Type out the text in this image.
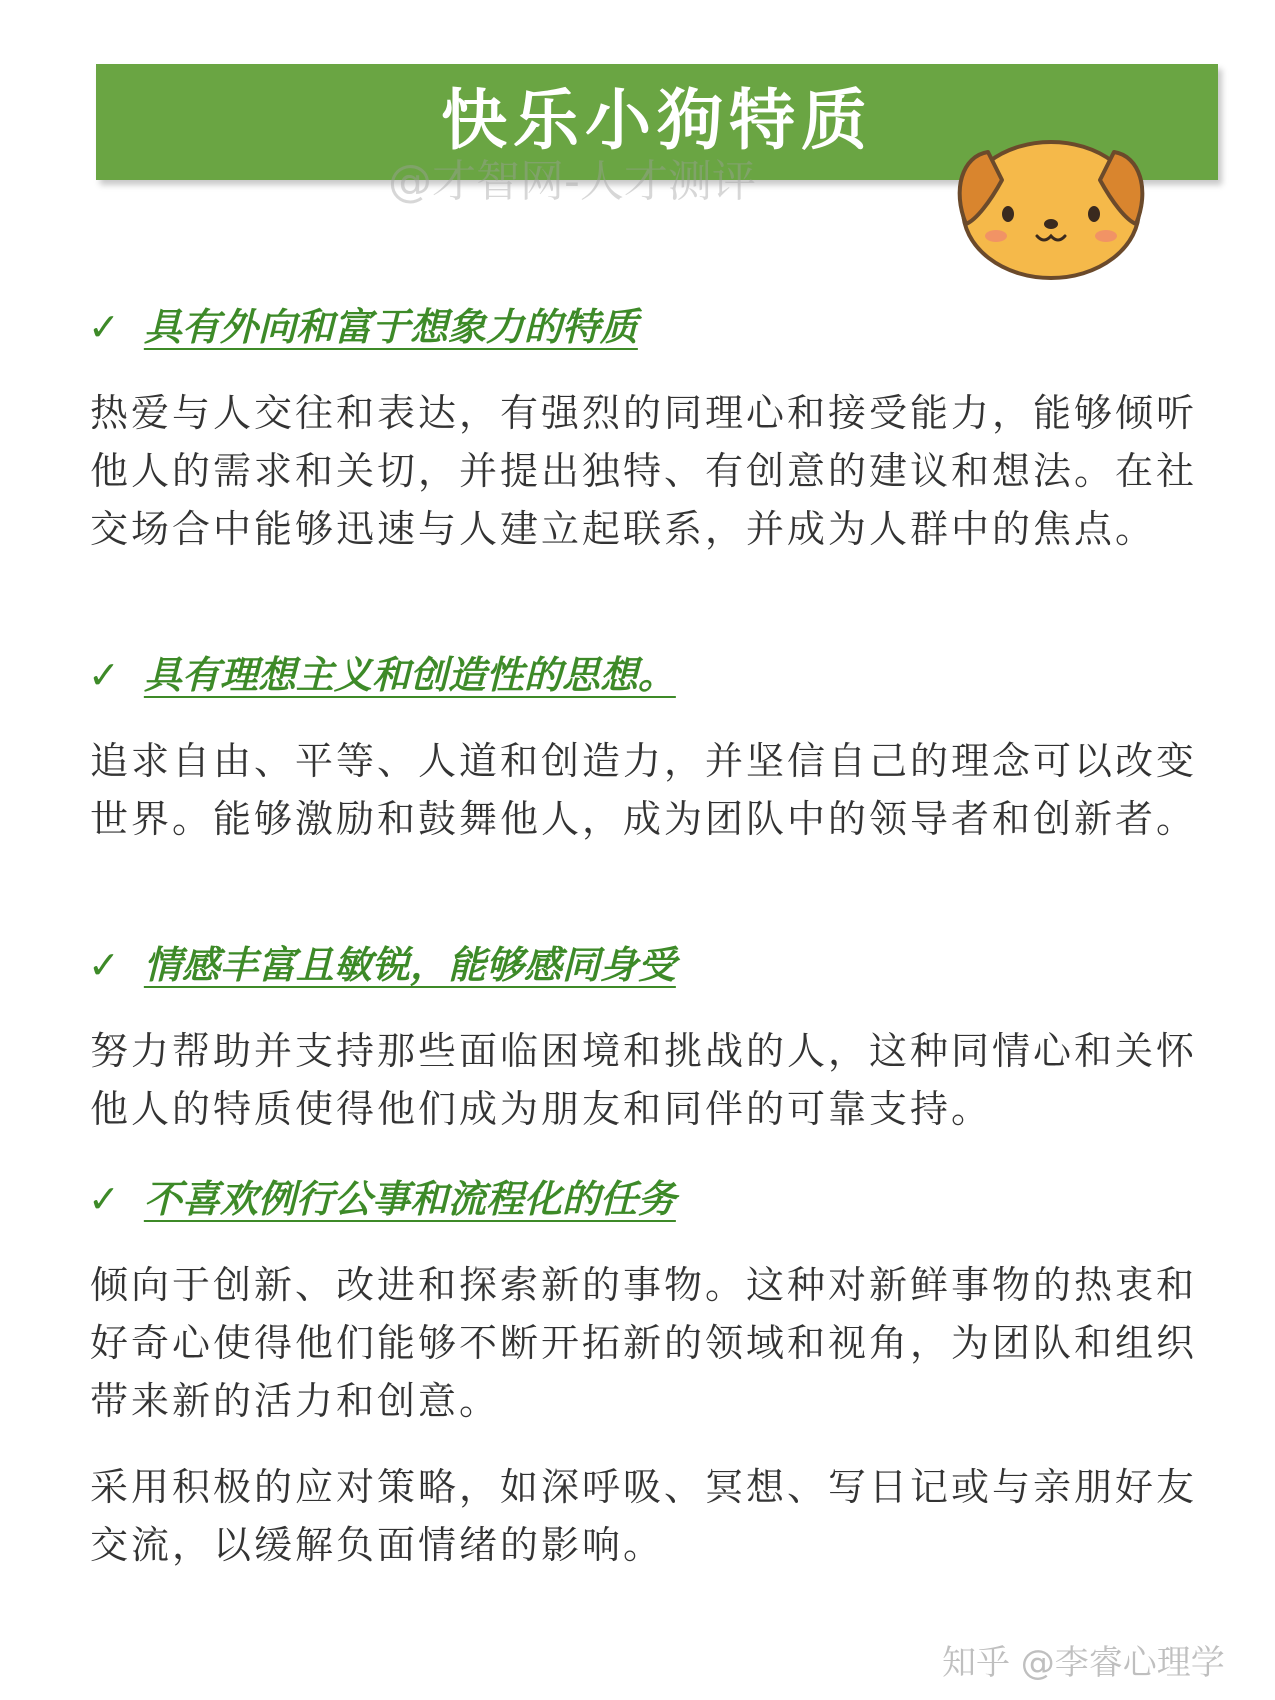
快乐小狗特质
@才智网-人才测评
✓ 具有外向和富于想象力的特质

热爱与人交往和表达，有强烈的同理心和接受能力，能够倾听他人的需求和关切，并提出独特、有创意的建议和想法。在社交场合中能够迅速与人建立起联系，并成为人群中的焦点。

✓ 具有理想主义和创造性的思想。

追求自由、平等、人道和创造力，并坚信自己的理念可以改变世界。能够激励和鼓舞他人，成为团队中的领导者和创新者。

✓ 情感丰富且敏锐，能够感同身受

努力帮助并支持那些面临困境和挑战的人，这种同情心和关怀他人的特质使得他们成为朋友和同伴的可靠支持。

✓ 不喜欢例行公事和流程化的任务

倾向于创新、改进和探索新的事物。这种对新鲜事物的热衷和好奇心使得他们能够不断开拓新的领域和视角，为团队和组织带来新的活力和创意。

采用积极的应对策略，如深呼吸、冥想、写日记或与亲朋好友交流，以缓解负面情绪的影响。

知乎 @李睿心理学
